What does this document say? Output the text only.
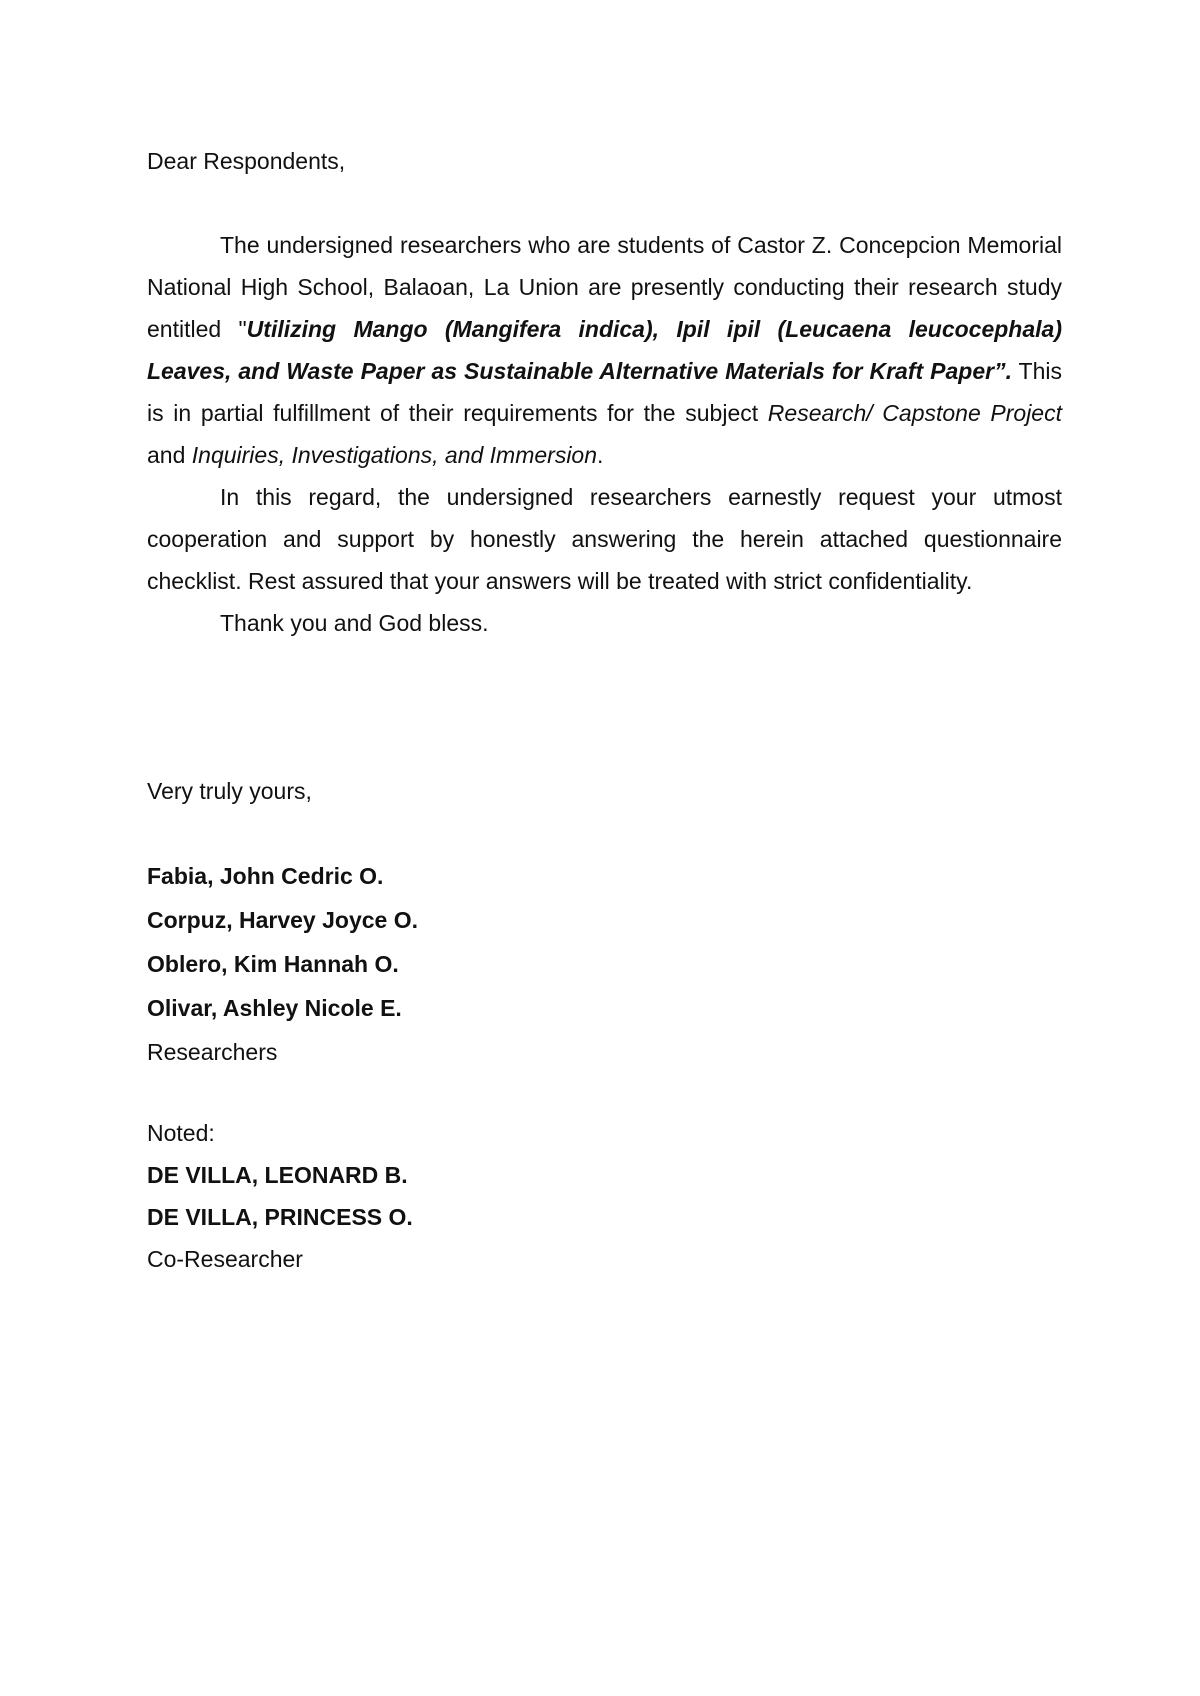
Dear Respondents,

The undersigned researchers who are students of Castor Z. Concepcion Memorial National High School, Balaoan, La Union are presently conducting their research study entitled "Utilizing Mango (Mangifera indica), Ipil ipil (Leucaena leucocephala) Leaves, and Waste Paper as Sustainable Alternative Materials for Kraft Paper”. This is in partial fulfillment of their requirements for the subject Research/ Capstone Project and Inquiries, Investigations, and Immersion.

In this regard, the undersigned researchers earnestly request your utmost cooperation and support by honestly answering the herein attached questionnaire checklist. Rest assured that your answers will be treated with strict confidentiality.

Thank you and God bless.

Very truly yours,

Fabia, John Cedric O.

Corpuz, Harvey Joyce O.

Oblero, Kim Hannah O.

Olivar, Ashley Nicole E.

Researchers

Noted:

DE VILLA, LEONARD B.

DE VILLA, PRINCESS O.

Co-Researcher
